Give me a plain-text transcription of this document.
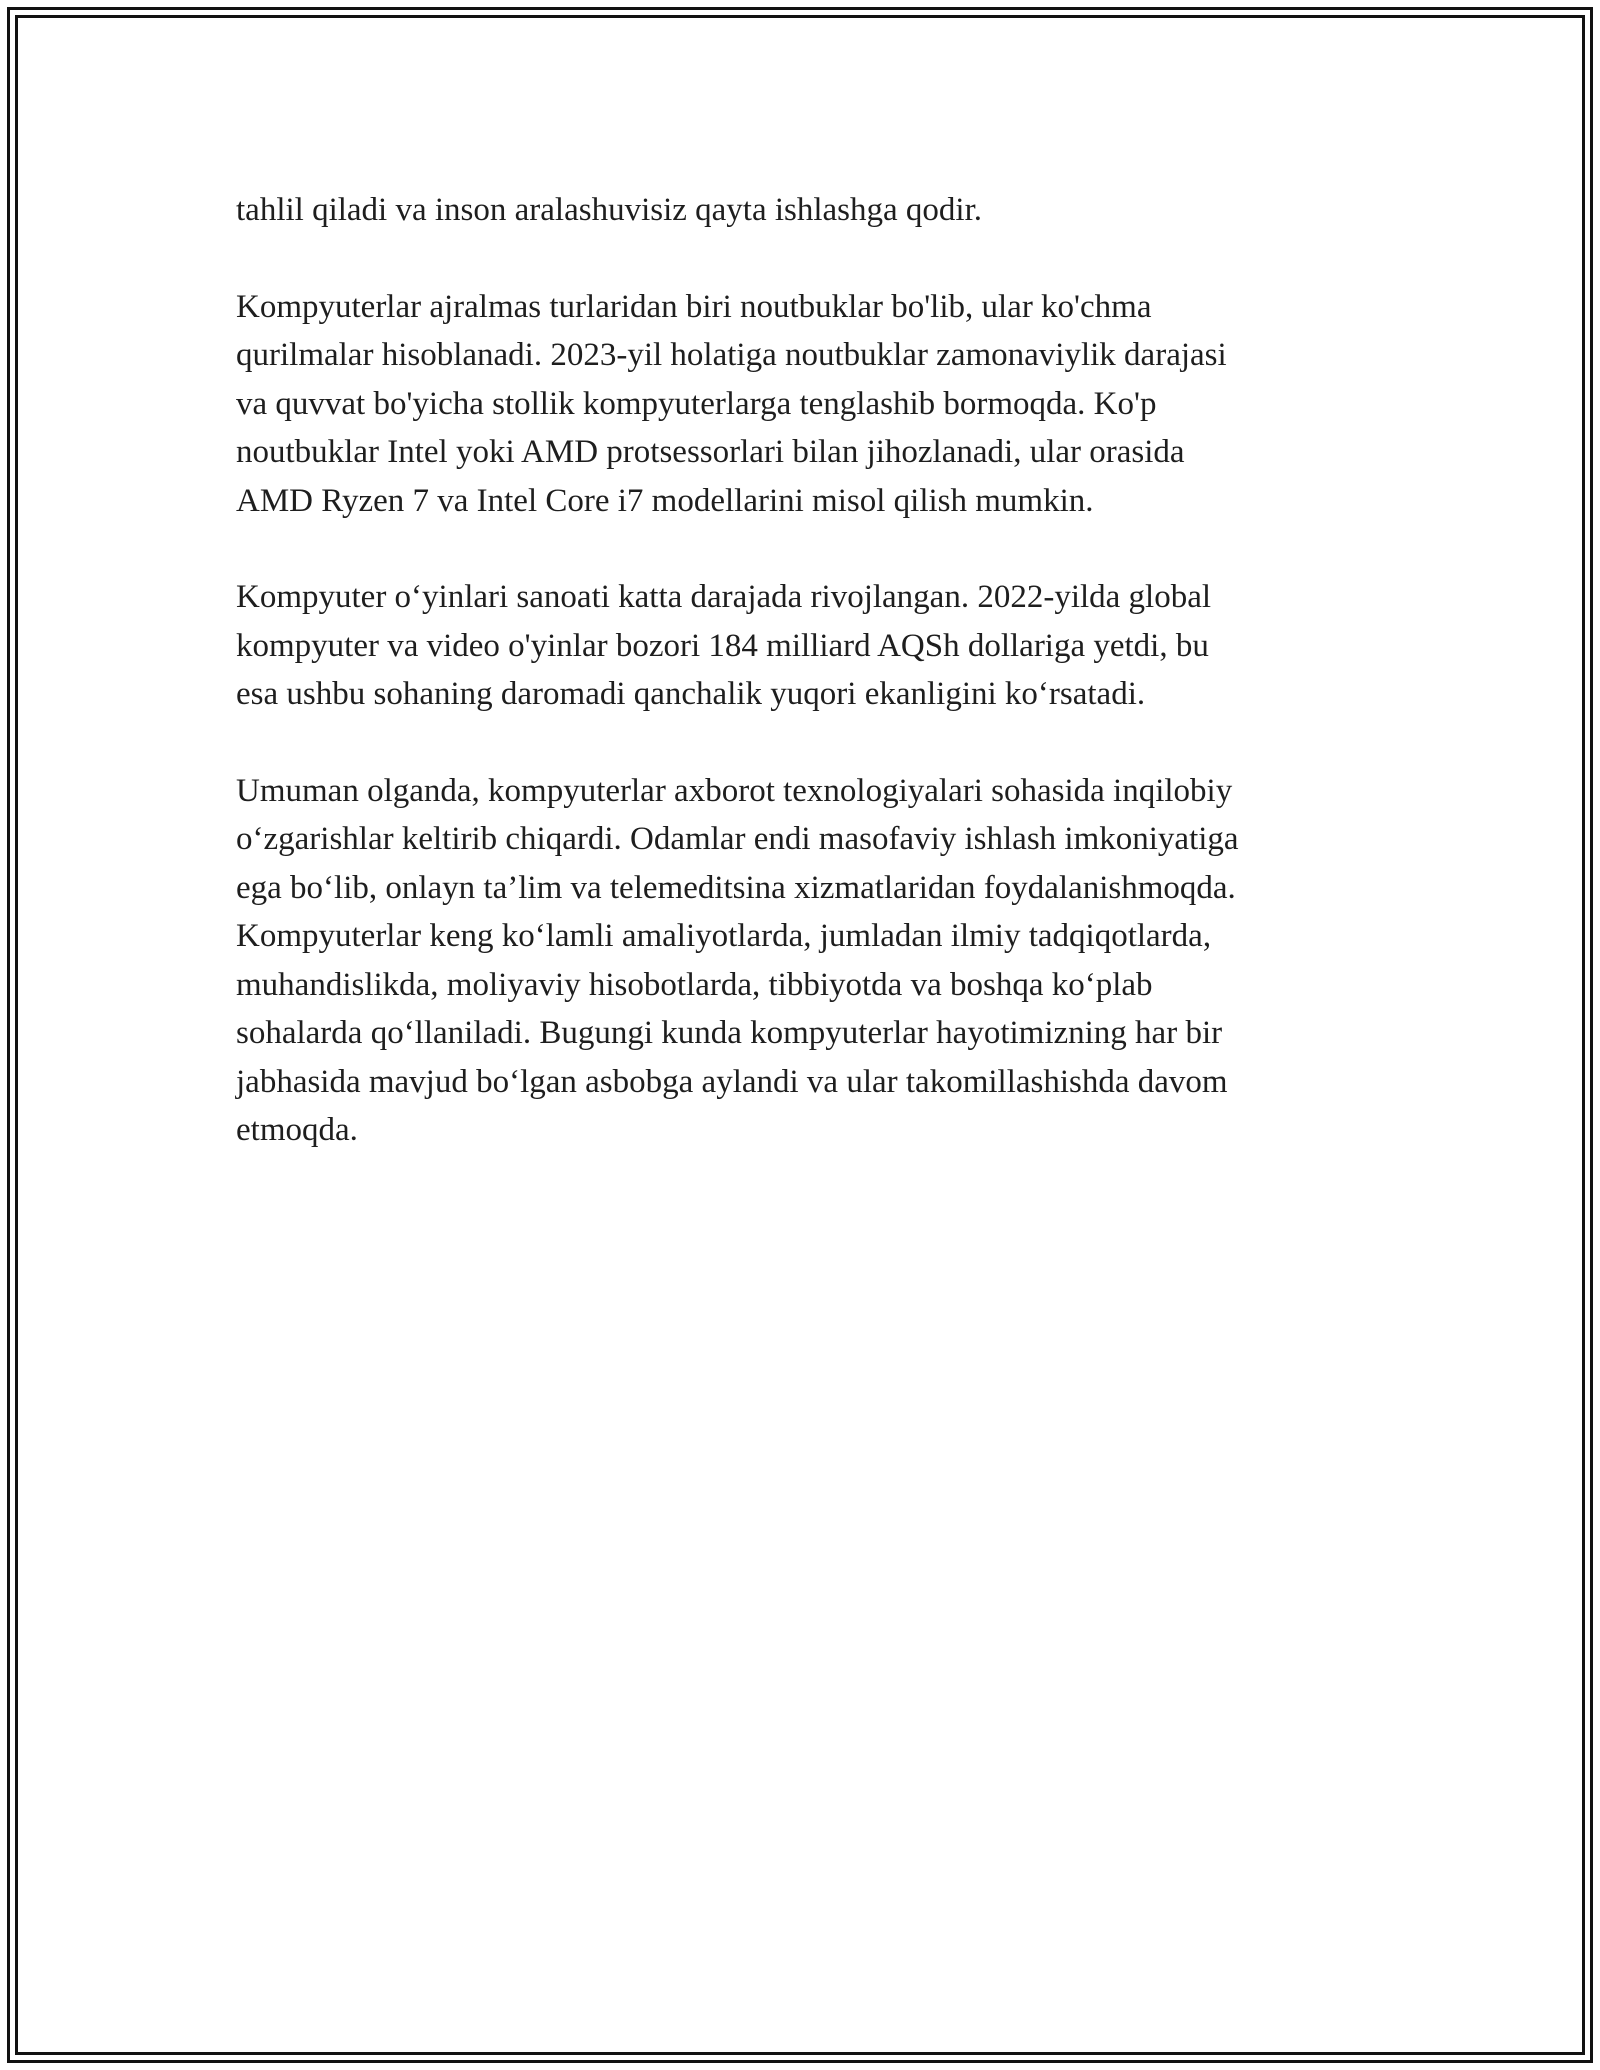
tahlil qiladi va inson aralashuvisiz qayta ishlashga qodir.

Kompyuterlar ajralmas turlaridan biri noutbuklar bo'lib, ular ko'chma
qurilmalar hisoblanadi. 2023-yil holatiga noutbuklar zamonaviylik darajasi
va quvvat bo'yicha stollik kompyuterlarga tenglashib bormoqda. Ko'p
noutbuklar Intel yoki AMD protsessorlari bilan jihozlanadi, ular orasida
AMD Ryzen 7 va Intel Core i7 modellarini misol qilish mumkin.

Kompyuter o‘yinlari sanoati katta darajada rivojlangan. 2022-yilda global
kompyuter va video o'yinlar bozori 184 milliard AQSh dollariga yetdi, bu
esa ushbu sohaning daromadi qanchalik yuqori ekanligini ko‘rsatadi.

Umuman olganda, kompyuterlar axborot texnologiyalari sohasida inqilobiy
o‘zgarishlar keltirib chiqardi. Odamlar endi masofaviy ishlash imkoniyatiga
ega bo‘lib, onlayn ta’lim va telemeditsina xizmatlaridan foydalanishmoqda.
Kompyuterlar keng ko‘lamli amaliyotlarda, jumladan ilmiy tadqiqotlarda,
muhandislikda, moliyaviy hisobotlarda, tibbiyotda va boshqa ko‘plab
sohalarda qo‘llaniladi. Bugungi kunda kompyuterlar hayotimizning har bir
jabhasida mavjud bo‘lgan asbobga aylandi va ular takomillashishda davom
etmoqda.
